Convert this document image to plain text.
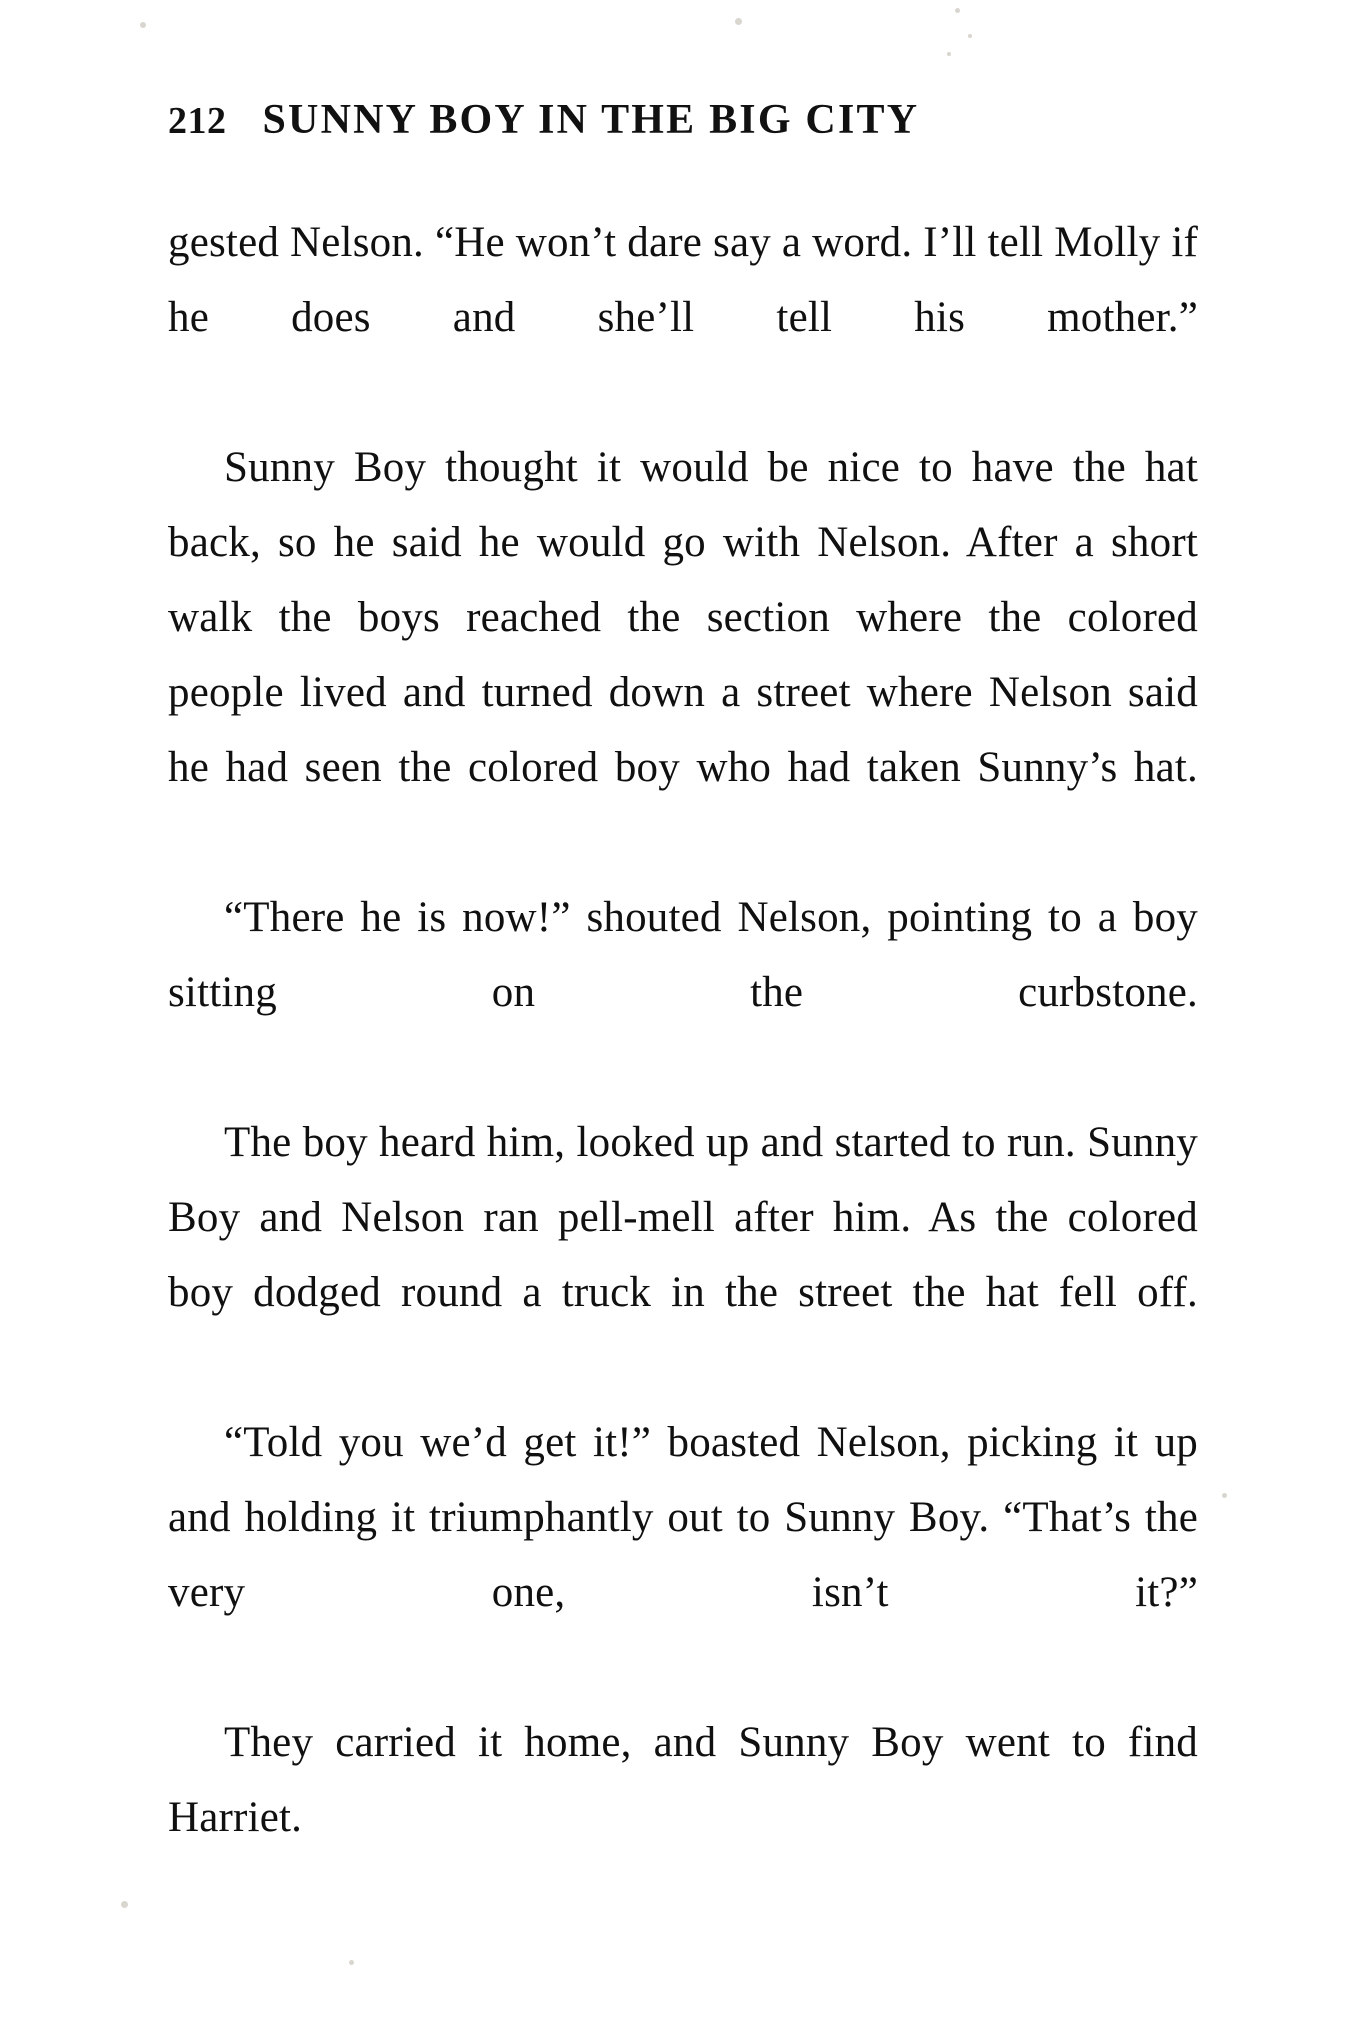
212 SUNNY BOY IN THE BIG CITY

gested Nelson. “He won’t dare say a word. I’ll tell Molly if he does and she’ll tell his mother.”

Sunny Boy thought it would be nice to have the hat back, so he said he would go with Nelson. After a short walk the boys reached the section where the colored people lived and turned down a street where Nelson said he had seen the colored boy who had taken Sunny’s hat.

“There he is now!” shouted Nelson, pointing to a boy sitting on the curbstone.

The boy heard him, looked up and started to run. Sunny Boy and Nelson ran pell-mell after him. As the colored boy dodged round a truck in the street the hat fell off.

“Told you we’d get it!” boasted Nelson, picking it up and holding it triumphantly out to Sunny Boy. “That’s the very one, isn’t it?”

They carried it home, and Sunny Boy went to find Harriet.
